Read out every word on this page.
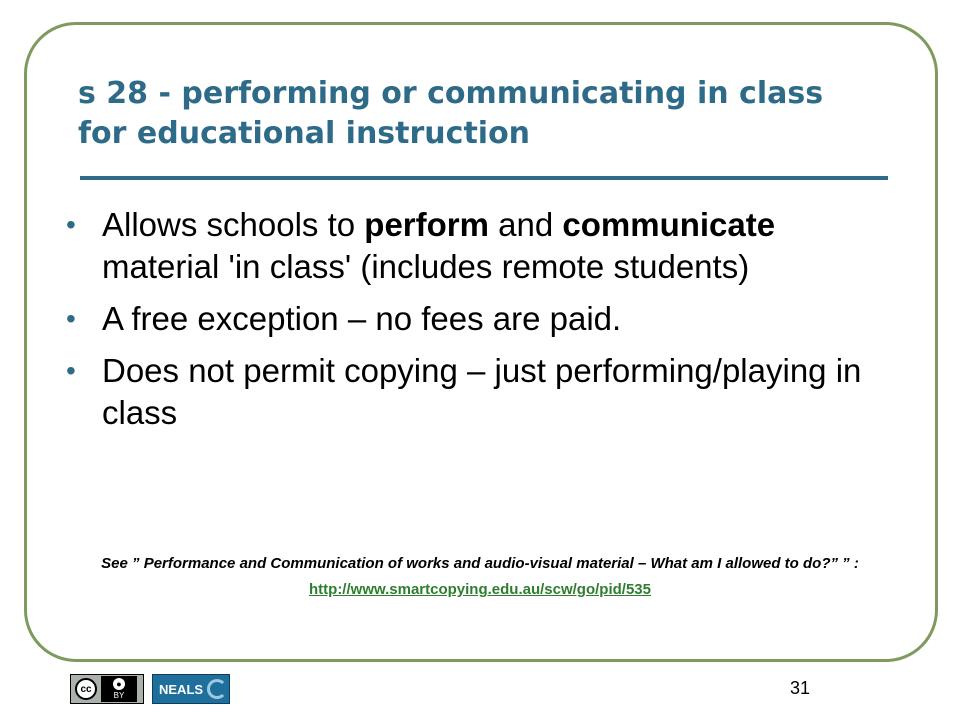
s 28 - performing or communicating in class for educational instruction
• Allows schools to perform and communicate material 'in class' (includes remote students)
• A free exception – no fees are paid.
• Does not permit copying – just performing/playing in class
See ” Performance and Communication of works and audio-visual material – What am I allowed to do?” ” :
http://www.smartcopying.edu.au/scw/go/pid/535
cc	●
BY	NEALS	31
